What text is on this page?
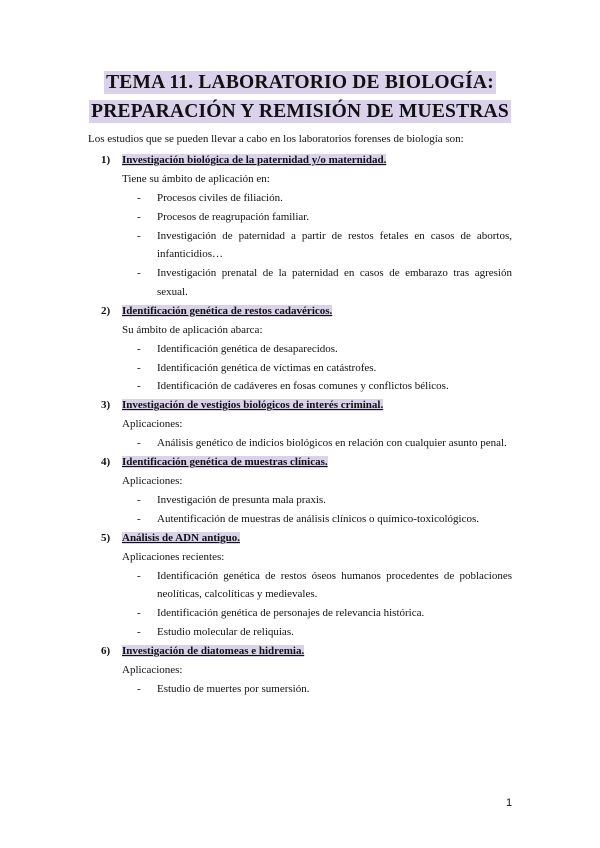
TEMA 11. LABORATORIO DE BIOLOGÍA:
PREPARACIÓN Y REMISIÓN DE MUESTRAS
Los estudios que se pueden llevar a cabo en los laboratorios forenses de biología son:
1) Investigación biológica de la paternidad y/o maternidad.
Tiene su ámbito de aplicación en:
- Procesos civiles de filiación.
- Procesos de reagrupación familiar.
- Investigación de paternidad a partir de restos fetales en casos de abortos, infanticidios…
- Investigación prenatal de la paternidad en casos de embarazo tras agresión sexual.
2) Identificación genética de restos cadavéricos.
Su ámbito de aplicación abarca:
- Identificación genética de desaparecidos.
- Identificación genética de víctimas en catástrofes.
- Identificación de cadáveres en fosas comunes y conflictos bélicos.
3) Investigación de vestigios biológicos de interés criminal.
Aplicaciones:
- Análisis genético de indicios biológicos en relación con cualquier asunto penal.
4) Identificación genética de muestras clínicas.
Aplicaciones:
- Investigación de presunta mala praxis.
- Autentificación de muestras de análisis clínicos o químico-toxicológicos.
5) Análisis de ADN antiguo.
Aplicaciones recientes:
- Identificación genética de restos óseos humanos procedentes de poblaciones neolíticas, calcolíticas y medievales.
- Identificación genética de personajes de relevancia histórica.
- Estudio molecular de reliquias.
6) Investigación de diatomeas e hidremia.
Aplicaciones:
- Estudio de muertes por sumersión.
1
